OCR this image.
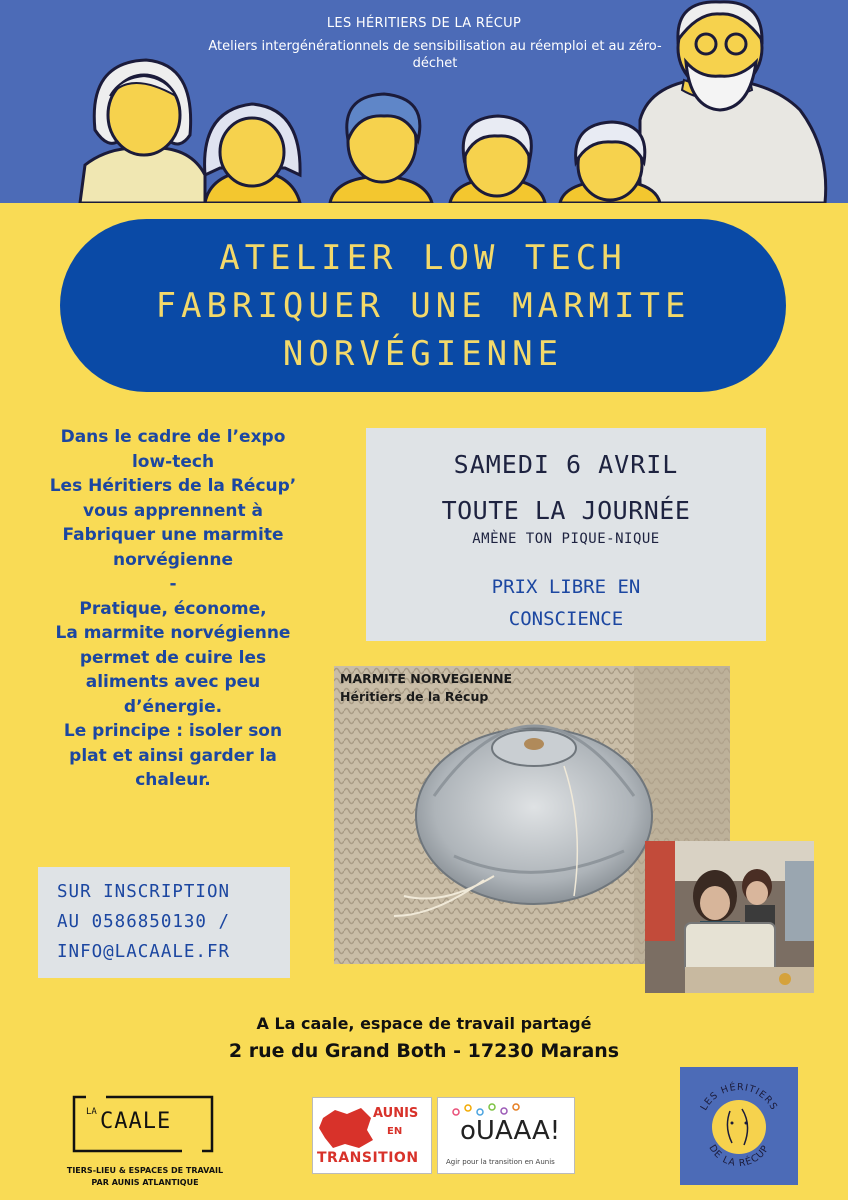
LES HÉRITIERS DE LA RÉCUP
Ateliers intergénérationnels de sensibilisation au réemploi et au zéro-déchet
ATELIER LOW TECH
FABRIQUER UNE MARMITE
NORVÉGIENNE
Dans le cadre de l’expo
low-tech
Les Héritiers de la Récup’
vous apprennent à
Fabriquer une marmite
norvégienne
-
Pratique, économe,
La marmite norvégienne
permet de cuire les
aliments avec peu
d’énergie.
Le principe : isoler son
plat et ainsi garder la
chaleur.
SAMEDI 6 AVRIL
TOUTE LA JOURNÉE
AMÈNE TON PIQUE-NIQUE
PRIX LIBRE EN
CONSCIENCE
MARMITE NORVEGIENNE
Héritiers de la Récup
SUR INSCRIPTION
AU 0586850130 /
INFO@LACAALE.FR
A La caale, espace de travail partagé
2 rue du Grand Both - 17230 Marans
LA CAALE
TIERS-LIEU & ESPACES DE TRAVAIL
PAR AUNIS ATLANTIQUE
AUNIS
EN
TRANSITION
oUAAA!
Agir pour la transition en Aunis
LES HÉRITIERS
DE LA RÉCUP
